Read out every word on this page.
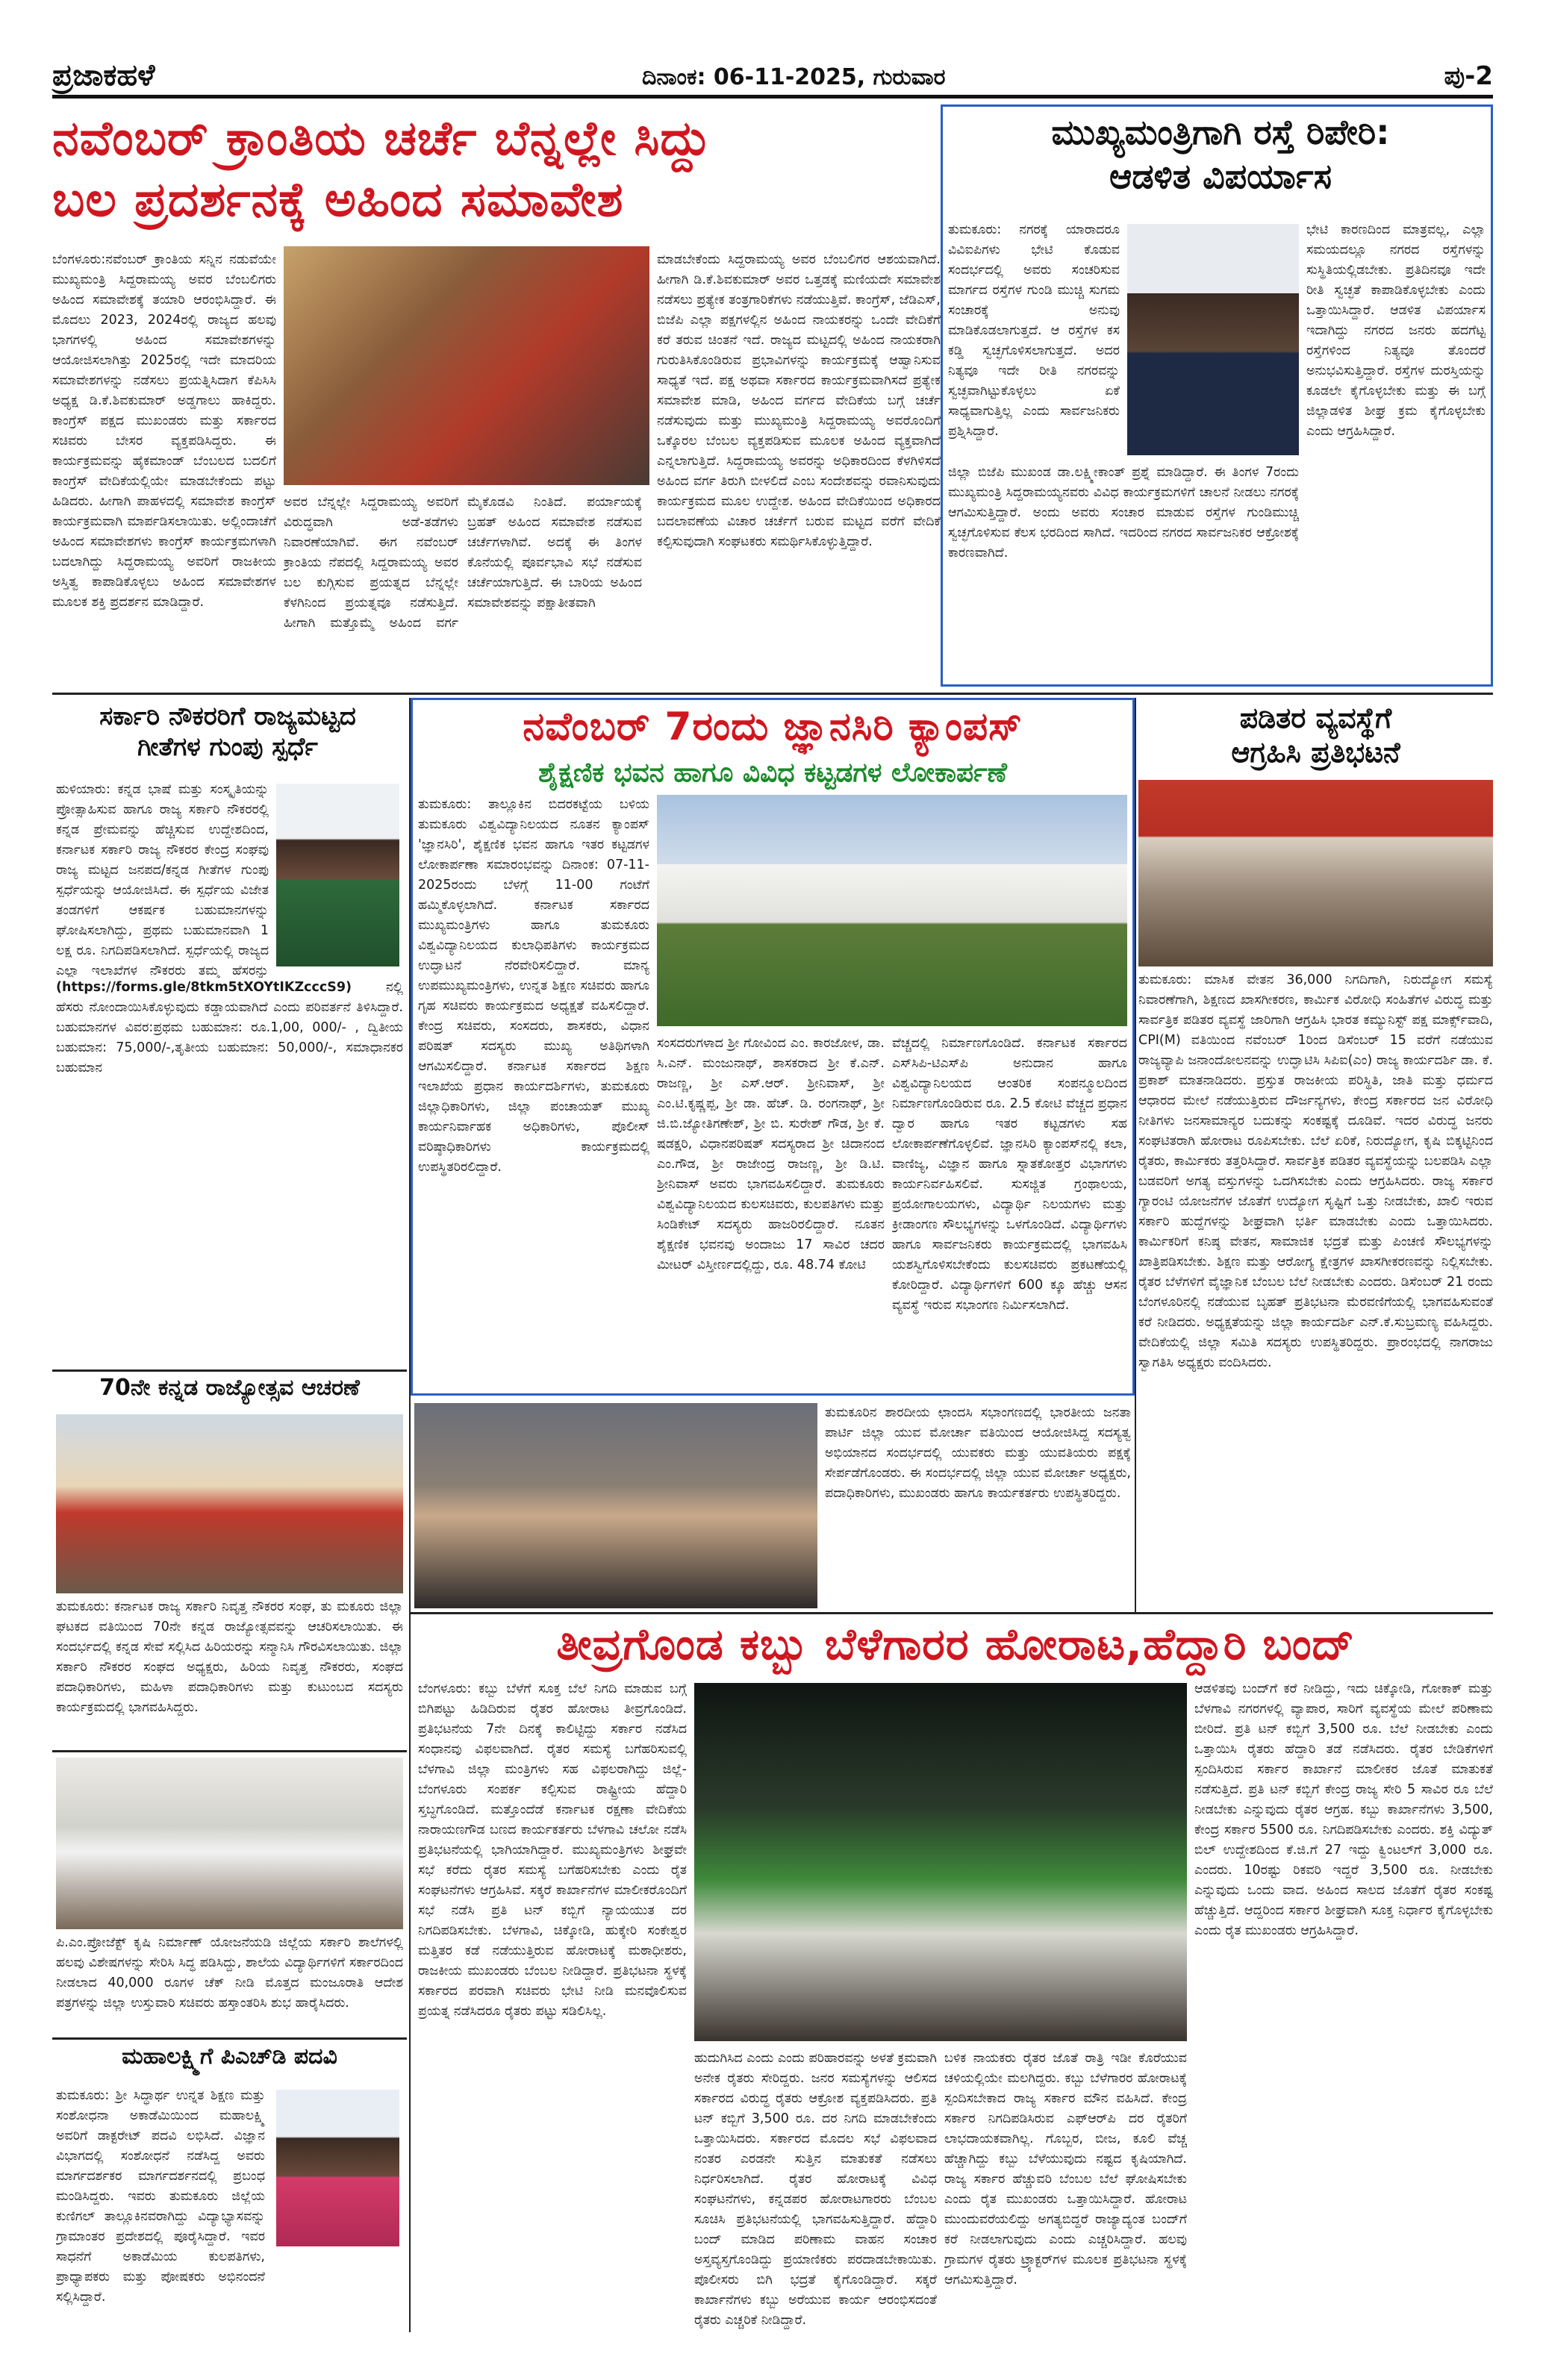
ಪ್ರಜಾಕಹಳೆ	ದಿನಾಂಕ: 06-11-2025, ಗುರುವಾರ	ಪು-2
ನವೆಂಬರ್ ಕ್ರಾಂತಿಯ ಚರ್ಚೆ ಬೆನ್ನಲ್ಲೇ ಸಿದ್ದು
ಬಲ ಪ್ರದರ್ಶನಕ್ಕೆ ಅಹಿಂದ ಸಮಾವೇಶ
ಬೆಂಗಳೂರು:ನವೆಂಬರ್ ಕ್ರಾಂತಿಯ ಸನ್ನಿನ ನಡುವೆಯೇ ಮುಖ್ಯಮಂತ್ರಿ ಸಿದ್ದರಾಮಯ್ಯ ಅವರ ಬೆಂಬಲಿಗರು ಅಹಿಂದ ಸಮಾವೇಶಕ್ಕೆ ತಯಾರಿ ಆರಂಭಿಸಿದ್ದಾರೆ. ಈ ಮೊದಲು 2023, 2024ರಲ್ಲಿ ರಾಜ್ಯದ ಹಲವು ಭಾಗಗಳಲ್ಲಿ ಅಹಿಂದ ಸಮಾವೇಶಗಳನ್ನು ಆಯೋಜಿಸಲಾಗಿತ್ತು 2025ರಲ್ಲಿ ಇದೇ ಮಾದರಿಯ ಸಮಾವೇಶಗಳನ್ನು ನಡೆಸಲು ಪ್ರಯತ್ನಿಸಿದಾಗ ಕೆಪಿಸಿಸಿ ಅಧ್ಯಕ್ಷ ಡಿ.ಕೆ.ಶಿವಕುಮಾರ್ ಅಡ್ಡಗಾಲು ಹಾಕಿದ್ದರು. ಕಾಂಗ್ರೆಸ್ ಪಕ್ಷದ ಮುಖಂಡರು ಮತ್ತು ಸರ್ಕಾರದ ಸಚಿವರು ಬೇಸರ ವ್ಯಕ್ತಪಡಿಸಿದ್ದರು. ಈ ಕಾರ್ಯಕ್ರಮವನ್ನು ಹೈಕಮಾಂಡ್ ಬೆಂಬಲದ ಬದಲಿಗೆ ಕಾಂಗ್ರೆಸ್ ವೇದಿಕೆಯಲ್ಲಿಯೇ ಮಾಡಬೇಕೆಂದು ಪಟ್ಟು ಹಿಡಿದರು. ಹೀಗಾಗಿ ಪಾಹಳದಲ್ಲಿ ಸಮಾವೇಶ ಕಾಂಗ್ರೆಸ್ ಕಾರ್ಯಕ್ರಮವಾಗಿ ಮಾರ್ಪಡಿಸಲಾಯಿತು. ಅಲ್ಲಿಂದಾಚೆಗೆ ಅಹಿಂದ ಸಮಾವೇಶಗಳು ಕಾಂಗ್ರೆಸ್ ಕಾರ್ಯಕ್ರಮಗಳಾಗಿ ಬದಲಾಗಿದ್ದು ಸಿದ್ದರಾಮಯ್ಯ ಅವರಿಗೆ ರಾಜಕೀಯ ಅಸ್ತಿತ್ವ ಕಾಪಾಡಿಕೊಳ್ಳಲು ಅಹಿಂದ ಸಮಾವೇಶಗಳ ಮೂಲಕ ಶಕ್ತಿ ಪ್ರದರ್ಶನ ಮಾಡಿದ್ದಾರೆ.
ಅವರ ಬೆನ್ನಲ್ಲೇ ಸಿದ್ದರಾಮಯ್ಯ ಅವರಿಗೆ ವಿರುದ್ಧವಾಗಿ ಅಡೆ-ತಡೆಗಳು ನಿವಾರಣೆಯಾಗಿವೆ. ಈಗ ನವೆಂಬರ್ ಕ್ರಾಂತಿಯ ನೆಪದಲ್ಲಿ ಸಿದ್ದರಾಮಯ್ಯ ಅವರ ಬಲ ಕುಗ್ಗಿಸುವ ಪ್ರಯತ್ನದ ಬೆನ್ನಲ್ಲೇ ಕೆಳಗಿನಿಂದ ಪ್ರಯತ್ನವೂ ನಡೆಸುತ್ತಿದೆ. ಹೀಗಾಗಿ ಮತ್ತೊಮ್ಮೆ ಅಹಿಂದ ವರ್ಗ ಮೈಕೊಡವಿ ನಿಂತಿದೆ. ಪರ್ಯಾಯಕ್ಕೆ ಬ್ರಹತ್ ಅಹಿಂದ ಸಮಾವೇಶ ನಡೆಸುವ ಚರ್ಚೆಗಳಾಗಿವೆ. ಅದಕ್ಕೆ ಈ ತಿಂಗಳ ಕೊನೆಯಲ್ಲಿ ಪೂರ್ವಭಾವಿ ಸಭೆ ನಡೆಸುವ ಚರ್ಚೆಯಾಗುತ್ತಿದೆ. ಈ ಬಾರಿಯ ಅಹಿಂದ ಸಮಾವೇಶವನ್ನು ಪಕ್ಷಾತೀತವಾಗಿ
ಮಾಡಬೇಕೆಂದು ಸಿದ್ದರಾಮಯ್ಯ ಅವರ ಬೆಂಬಲಿಗರ ಆಶಯವಾಗಿದೆ. ಹೀಗಾಗಿ ಡಿ.ಕೆ.ಶಿವಕುಮಾರ್ ಅವರ ಒತ್ತಡಕ್ಕೆ ಮಣಿಯದೇ ಸಮಾವೇಶ ನಡೆಸಲು ಪ್ರತ್ಯೇಕ ತಂತ್ರಗಾರಿಕೆಗಳು ನಡೆಯುತ್ತಿವೆ. ಕಾಂಗ್ರೆಸ್, ಜೆಡಿಎಸ್, ಬಿಜೆಪಿ ಎಲ್ಲಾ ಪಕ್ಷಗಳಲ್ಲಿನ ಅಹಿಂದ ನಾಯಕರನ್ನು ಒಂದೇ ವೇದಿಕೆಗೆ ಕರೆ ತರುವ ಚಿಂತನೆ ಇದೆ. ರಾಜ್ಯದ ಮಟ್ಟದಲ್ಲಿ ಅಹಿಂದ ನಾಯಕರಾಗಿ ಗುರುತಿಸಿಕೊಂಡಿರುವ ಪ್ರಭಾವಿಗಳನ್ನು ಕಾರ್ಯಕ್ರಮಕ್ಕೆ ಆಹ್ವಾನಿಸುವ ಸಾಧ್ಯತೆ ಇದೆ. ಪಕ್ಷ ಅಥವಾ ಸರ್ಕಾರದ ಕಾರ್ಯಕ್ರಮವಾಗಿಸದೆ ಪ್ರತ್ಯೇಕ ಸಮಾವೇಶ ಮಾಡಿ, ಅಹಿಂದ ವರ್ಗದ ವೇದಿಕೆಯ ಬಗ್ಗೆ ಚರ್ಚೆ ನಡೆಸುವುದು ಮತ್ತು ಮುಖ್ಯಮಂತ್ರಿ ಸಿದ್ದರಾಮಯ್ಯ ಅವರೊಂದಿಗೆ ಒಕ್ಕೊರಲ ಬೆಂಬಲ ವ್ಯಕ್ತಪಡಿಸುವ ಮೂಲಕ ಅಹಿಂದ ವ್ಯಕ್ತವಾಗಿದೆ ಎನ್ನಲಾಗುತ್ತಿದೆ. ಸಿದ್ದರಾಮಯ್ಯ ಅವರನ್ನು ಅಧಿಕಾರದಿಂದ ಕೆಳಗಿಳಿಸದೆ ಅಹಿಂದ ವರ್ಗ ತಿರುಗಿ ಬೀಳಲಿದೆ ಎಂಬ ಸಂದೇಶವನ್ನು ರವಾನಿಸುವುದು ಕಾರ್ಯಕ್ರಮದ ಮೂಲ ಉದ್ದೇಶ. ಅಹಿಂದ ವೇದಿಕೆಯಿಂದ ಅಧಿಕಾರದ ಬದಲಾವಣೆಯ ವಿಚಾರ ಚರ್ಚೆಗೆ ಬರುವ ಮಟ್ಟದ ವರೆಗೆ ವೇದಿಕೆ ಕಲ್ಪಿಸುವುದಾಗಿ ಸಂಘಟಕರು ಸಮರ್ಥಿಸಿಕೊಳ್ಳುತ್ತಿದ್ದಾರೆ.
ಮುಖ್ಯಮಂತ್ರಿಗಾಗಿ ರಸ್ತೆ ರಿಪೇರಿ:
ಆಡಳಿತ ವಿಪರ್ಯಾಸ
ತುಮಕೂರು: ನಗರಕ್ಕೆ ಯಾರಾದರೂ ವಿವಿಐಪಿಗಳು ಭೇಟಿ ಕೊಡುವ ಸಂದರ್ಭದಲ್ಲಿ ಅವರು ಸಂಚರಿಸುವ ಮಾರ್ಗದ ರಸ್ತೆಗಳ ಗುಂಡಿ ಮುಚ್ಚಿ ಸುಗಮ ಸಂಚಾರಕ್ಕೆ ಅನುವು ಮಾಡಿಕೊಡಲಾಗುತ್ತದೆ. ಆ ರಸ್ತೆಗಳ ಕಸ ಕಡ್ಡಿ ಸ್ವಚ್ಛಗೊಳಿಸಲಾಗುತ್ತದೆ. ಅದರ ನಿತ್ಯವೂ ಇದೇ ರೀತಿ ನಗರವನ್ನು ಸ್ವಚ್ಛವಾಗಿಟ್ಟುಕೊಳ್ಳಲು ಏಕೆ ಸಾಧ್ಯವಾಗುತ್ತಿಲ್ಲ ಎಂದು ಸಾರ್ವಜನಿಕರು ಪ್ರಶ್ನಿಸಿದ್ದಾರೆ.
ಜಿಲ್ಲಾ ಬಿಜೆಪಿ ಮುಖಂಡ ಡಾ.ಲಕ್ಷ್ಮೀಕಾಂತ್ ಪ್ರಶ್ನೆ ಮಾಡಿದ್ದಾರೆ. ಈ ತಿಂಗಳ 7ರಂದು ಮುಖ್ಯಮಂತ್ರಿ ಸಿದ್ದರಾಮಯ್ಯನವರು ವಿವಿಧ ಕಾರ್ಯಕ್ರಮಗಳಿಗೆ ಚಾಲನೆ ನೀಡಲು ನಗರಕ್ಕೆ ಆಗಮಿಸುತ್ತಿದ್ದಾರೆ. ಅಂದು ಅವರು ಸಂಚಾರ ಮಾಡುವ ರಸ್ತೆಗಳ ಗುಂಡಿಮುಚ್ಚಿ ಸ್ವಚ್ಛಗೊಳಿಸುವ ಕೆಲಸ ಭರದಿಂದ ಸಾಗಿದೆ. ಇದರಿಂದ ನಗರದ ಸಾರ್ವಜನಿಕರ ಆಕ್ರೋಶಕ್ಕೆ ಕಾರಣವಾಗಿದೆ.
ಭೇಟಿ ಕಾರಣದಿಂದ ಮಾತ್ರವಲ್ಲ, ಎಲ್ಲಾ ಸಮಯದಲ್ಲೂ ನಗರದ ರಸ್ತೆಗಳನ್ನು ಸುಸ್ಥಿತಿಯಲ್ಲಿಡಬೇಕು. ಪ್ರತಿದಿನವೂ ಇದೇ ರೀತಿ ಸ್ವಚ್ಛತೆ ಕಾಪಾಡಿಕೊಳ್ಳಬೇಕು ಎಂದು ಒತ್ತಾಯಿಸಿದ್ದಾರೆ. ಆಡಳಿತ ವಿಪರ್ಯಾಸ ಇದಾಗಿದ್ದು ನಗರದ ಜನರು ಹದಗೆಟ್ಟ ರಸ್ತೆಗಳಿಂದ ನಿತ್ಯವೂ ತೊಂದರೆ ಅನುಭವಿಸುತ್ತಿದ್ದಾರೆ. ರಸ್ತೆಗಳ ದುರಸ್ತಿಯನ್ನು ಕೂಡಲೇ ಕೈಗೊಳ್ಳಬೇಕು ಮತ್ತು ಈ ಬಗ್ಗೆ ಜಿಲ್ಲಾಡಳಿತ ಶೀಘ್ರ ಕ್ರಮ ಕೈಗೊಳ್ಳಬೇಕು ಎಂದು ಆಗ್ರಹಿಸಿದ್ದಾರೆ.
ಸರ್ಕಾರಿ ನೌಕರರಿಗೆ ರಾಜ್ಯಮಟ್ಟದ
ಗೀತೆಗಳ ಗುಂಪು ಸ್ಪರ್ಧೆ
ಹುಳಿಯಾರು: ಕನ್ನಡ ಭಾಷೆ ಮತ್ತು ಸಂಸ್ಕೃತಿಯನ್ನು ಪ್ರೋತ್ಸಾಹಿಸುವ ಹಾಗೂ ರಾಜ್ಯ ಸರ್ಕಾರಿ ನೌಕರರಲ್ಲಿ ಕನ್ನಡ ಪ್ರೇಮವನ್ನು ಹೆಚ್ಚಿಸುವ ಉದ್ದೇಶದಿಂದ, ಕರ್ನಾಟಕ ಸರ್ಕಾರಿ ರಾಜ್ಯ ನೌಕರರ ಕೇಂದ್ರ ಸಂಘವು ರಾಜ್ಯ ಮಟ್ಟದ ಜನಪದ/ಕನ್ನಡ ಗೀತೆಗಳ ಗುಂಪು ಸ್ಪರ್ಧೆಯನ್ನು ಆಯೋಜಿಸಿದೆ. ಈ ಸ್ಪರ್ಧೆಯ ವಿಜೇತ ತಂಡಗಳಿಗೆ ಆಕರ್ಷಕ ಬಹುಮಾನಗಳನ್ನು ಘೋಷಿಸಲಾಗಿದ್ದು, ಪ್ರಥಮ ಬಹುಮಾನವಾಗಿ 1 ಲಕ್ಷ ರೂ. ನಿಗದಿಪಡಿಸಲಾಗಿದೆ. ಸ್ಪರ್ಧೆಯಲ್ಲಿ ರಾಜ್ಯದ ಎಲ್ಲಾ ಇಲಾಖೆಗಳ ನೌಕರರು ತಮ್ಮ ಹೆಸರನ್ನು
(https://forms.gle/8tkm5tXOYtIKZcccS9)	ನಲ್ಲಿ ಹೆಸರು ನೋಂದಾಯಿಸಿಕೊಳ್ಳುವುದು ಕಡ್ಡಾಯವಾಗಿದೆ ಎಂದು ಪರಿವರ್ತನೆ ತಿಳಿಸಿದ್ದಾರೆ. ಬಹುಮಾನಗಳ ವಿವರ:ಪ್ರಥಮ ಬಹುಮಾನ: ರೂ.1,00, 000/- , ದ್ವಿತೀಯ ಬಹುಮಾನ: 75,000/-,ತೃತೀಯ ಬಹುಮಾನ: 50,000/-, ಸಮಾಧಾನಕರ ಬಹುಮಾನ
70ನೇ ಕನ್ನಡ ರಾಜ್ಯೋತ್ಸವ ಆಚರಣೆ
ತುಮಕೂರು: ಕರ್ನಾಟಕ ರಾಜ್ಯ ಸರ್ಕಾರಿ ನಿವೃತ್ತ ನೌಕರರ ಸಂಘ, ತು ಮಕೂರು ಜಿಲ್ಲಾ ಘಟಕದ ವತಿಯಿಂದ 70ನೇ ಕನ್ನಡ ರಾಜ್ಯೋತ್ಸವವನ್ನು ಆಚರಿಸಲಾಯಿತು. ಈ ಸಂದರ್ಭದಲ್ಲಿ ಕನ್ನಡ ಸೇವೆ ಸಲ್ಲಿಸಿದ ಹಿರಿಯರನ್ನು ಸನ್ಮಾನಿಸಿ ಗೌರವಿಸಲಾಯಿತು. ಜಿಲ್ಲಾ ಸರ್ಕಾರಿ ನೌಕರರ ಸಂಘದ ಅಧ್ಯಕ್ಷರು, ಹಿರಿಯ ನಿವೃತ್ತ ನೌಕರರು, ಸಂಘದ ಪದಾಧಿಕಾರಿಗಳು, ಮಹಿಳಾ ಪದಾಧಿಕಾರಿಗಳು ಮತ್ತು ಕುಟುಂಬದ ಸದಸ್ಯರು ಕಾರ್ಯಕ್ರಮದಲ್ಲಿ ಭಾಗವಹಿಸಿದ್ದರು.
ಪಿ.ಎಂ.ಪ್ರೋಜೆಕ್ಟ್ ಕೃಷಿ ನಿರ್ಮಾಣ್ ಯೋಜನೆಯಡಿ ಜಿಲ್ಲೆಯ ಸರ್ಕಾರಿ ಶಾಲೆಗಳಲ್ಲಿ ಹಲವು ವಿಶೇಷಗಳನ್ನು ಸೇರಿಸಿ ಸಿದ್ಧ ಪಡಿಸಿದ್ದು, ಶಾಲೆಯ ವಿದ್ಯಾರ್ಥಿಗಳಿಗೆ ಸರ್ಕಾರದಿಂದ ನೀಡಲಾದ 40,000 ರೂಗಳ ಚೆಕ್ ನೀಡಿ ಮೊತ್ತದ ಮಂಜೂರಾತಿ ಆದೇಶ ಪತ್ರಗಳನ್ನು ಜಿಲ್ಲಾ ಉಸ್ತುವಾರಿ ಸಚಿವರು ಹಸ್ತಾಂತರಿಸಿ ಶುಭ ಹಾರೈಸಿದರು.
ಮಹಾಲಕ್ಷ್ಮಿಗೆ ಪಿಎಚ್‌ಡಿ ಪದವಿ
ತುಮಕೂರು: ಶ್ರೀ ಸಿದ್ಧಾರ್ಥ ಉನ್ನತ ಶಿಕ್ಷಣ ಮತ್ತು ಸಂಶೋಧನಾ ಅಕಾಡೆಮಿಯಿಂದ ಮಹಾಲಕ್ಷ್ಮಿ ಅವರಿಗೆ ಡಾಕ್ಟರೇಟ್ ಪದವಿ ಲಭಿಸಿದೆ. ವಿಜ್ಞಾನ ವಿಭಾಗದಲ್ಲಿ ಸಂಶೋಧನೆ ನಡೆಸಿದ್ದ ಅವರು ಮಾರ್ಗದರ್ಶಕರ ಮಾರ್ಗದರ್ಶನದಲ್ಲಿ ಪ್ರಬಂಧ ಮಂಡಿಸಿದ್ದರು. ಇವರು ತುಮಕೂರು ಜಿಲ್ಲೆಯ ಕುಣಿಗಲ್ ತಾಲ್ಲೂಕಿನವರಾಗಿದ್ದು ವಿದ್ಯಾಭ್ಯಾಸವನ್ನು ಗ್ರಾಮಾಂತರ ಪ್ರದೇಶದಲ್ಲಿ ಪೂರೈಸಿದ್ದಾರೆ. ಇವರ ಸಾಧನೆಗೆ ಅಕಾಡೆಮಿಯ ಕುಲಪತಿಗಳು, ಪ್ರಾಧ್ಯಾಪಕರು ಮತ್ತು ಪೋಷಕರು ಅಭಿನಂದನೆ ಸಲ್ಲಿಸಿದ್ದಾರೆ.
ನವೆಂಬರ್ 7ರಂದು ಜ್ಞಾನಸಿರಿ ಕ್ಯಾಂಪಸ್
ಶೈಕ್ಷಣಿಕ ಭವನ ಹಾಗೂ ವಿವಿಧ ಕಟ್ಟಡಗಳ ಲೋಕಾರ್ಪಣೆ
ತುಮಕೂರು: ತಾಲ್ಲೂಕಿನ ಬಿದರಕಟ್ಟೆಯ ಬಳಿಯ ತುಮಕೂರು ವಿಶ್ವವಿದ್ಯಾನಿಲಯದ ನೂತನ ಕ್ಯಾಂಪಸ್ 'ಜ್ಞಾನಸಿರಿ', ಶೈಕ್ಷಣಿಕ ಭವನ ಹಾಗೂ ಇತರ ಕಟ್ಟಡಗಳ ಲೋಕಾರ್ಪಣಾ ಸಮಾರಂಭವನ್ನು ದಿನಾಂಕ: 07-11-2025ರಂದು ಬೆಳಗ್ಗೆ 11-00 ಗಂಟೆಗೆ ಹಮ್ಮಿಕೊಳ್ಳಲಾಗಿದೆ. ಕರ್ನಾಟಕ ಸರ್ಕಾರದ ಮುಖ್ಯಮಂತ್ರಿಗಳು ಹಾಗೂ ತುಮಕೂರು ವಿಶ್ವವಿದ್ಯಾನಿಲಯದ ಕುಲಾಧಿಪತಿಗಳು ಕಾರ್ಯಕ್ರಮದ ಉದ್ಘಾಟನೆ ನೆರವೇರಿಸಲಿದ್ದಾರೆ. ಮಾನ್ಯ ಉಪಮುಖ್ಯಮಂತ್ರಿಗಳು, ಉನ್ನತ ಶಿಕ್ಷಣ ಸಚಿವರು ಹಾಗೂ ಗೃಹ ಸಚಿವರು ಕಾರ್ಯಕ್ರಮದ ಅಧ್ಯಕ್ಷತೆ ವಹಿಸಲಿದ್ದಾರೆ. ಕೇಂದ್ರ ಸಚಿವರು, ಸಂಸದರು, ಶಾಸಕರು, ವಿಧಾನ ಪರಿಷತ್ ಸದಸ್ಯರು ಮುಖ್ಯ ಅತಿಥಿಗಳಾಗಿ ಆಗಮಿಸಲಿದ್ದಾರೆ. ಕರ್ನಾಟಕ ಸರ್ಕಾರದ ಶಿಕ್ಷಣ ಇಲಾಖೆಯ ಪ್ರಧಾನ ಕಾರ್ಯದರ್ಶಿಗಳು, ತುಮಕೂರು ಜಿಲ್ಲಾಧಿಕಾರಿಗಳು, ಜಿಲ್ಲಾ ಪಂಚಾಯತ್ ಮುಖ್ಯ ಕಾರ್ಯನಿರ್ವಾಹಕ ಅಧಿಕಾರಿಗಳು, ಪೊಲೀಸ್ ವರಿಷ್ಠಾಧಿಕಾರಿಗಳು ಕಾರ್ಯಕ್ರಮದಲ್ಲಿ ಉಪಸ್ಥಿತರಿರಲಿದ್ದಾರೆ.
ಸಂಸದರುಗಳಾದ ಶ್ರೀ ಗೋವಿಂದ ಎಂ. ಕಾರಜೋಳ, ಡಾ. ಸಿ.ಎನ್. ಮಂಜುನಾಥ್, ಶಾಸಕರಾದ ಶ್ರೀ ಕೆ.ಎನ್. ರಾಜಣ್ಣ, ಶ್ರೀ ಎಸ್.ಆರ್. ಶ್ರೀನಿವಾಸ್, ಶ್ರೀ ಎಂ.ಟಿ.ಕೃಷ್ಣಪ್ಪ, ಶ್ರೀ ಡಾ. ಹೆಚ್. ಡಿ. ರಂಗನಾಥ್, ಶ್ರೀ ಜಿ.ಬಿ.ಜ್ಯೋತಿಗಣೇಶ್, ಶ್ರೀ ಬಿ. ಸುರೇಶ್ ಗೌಡ, ಶ್ರೀ ಕೆ. ಷಡಕ್ಷರಿ, ವಿಧಾನಪರಿಷತ್ ಸದಸ್ಯರಾದ ಶ್ರೀ ಚಿದಾನಂದ ಎಂ.ಗೌಡ, ಶ್ರೀ ರಾಜೇಂದ್ರ ರಾಜಣ್ಣ, ಶ್ರೀ ಡಿ.ಟಿ. ಶ್ರೀನಿವಾಸ್ ಅವರು ಭಾಗವಹಿಸಲಿದ್ದಾರೆ. ತುಮಕೂರು ವಿಶ್ವವಿದ್ಯಾನಿಲಯದ ಕುಲಸಚಿವರು, ಕುಲಪತಿಗಳು ಮತ್ತು ಸಿಂಡಿಕೇಟ್ ಸದಸ್ಯರು ಹಾಜರಿರಲಿದ್ದಾರೆ. ನೂತನ ಶೈಕ್ಷಣಿಕ ಭವನವು ಅಂದಾಜು 17 ಸಾವಿರ ಚದರ ಮೀಟರ್ ವಿಸ್ತೀರ್ಣದಲ್ಲಿದ್ದು, ರೂ. 48.74 ಕೋಟಿ
ವೆಚ್ಚದಲ್ಲಿ ನಿರ್ಮಾಣಗೊಂಡಿದೆ. ಕರ್ನಾಟಕ ಸರ್ಕಾರದ ಎಸ್‌ಸಿಪಿ-ಟಿಎಸ್‌ಪಿ ಅನುದಾನ ಹಾಗೂ ವಿಶ್ವವಿದ್ಯಾನಿಲಯದ ಆಂತರಿಕ ಸಂಪನ್ಮೂಲದಿಂದ ನಿರ್ಮಾಣಗೊಂಡಿರುವ ರೂ. 2.5 ಕೋಟಿ ವೆಚ್ಚದ ಪ್ರಧಾನ ದ್ವಾರ ಹಾಗೂ ಇತರ ಕಟ್ಟಡಗಳು ಸಹ ಲೋಕಾರ್ಪಣೆಗೊಳ್ಳಲಿವೆ. ಜ್ಞಾನಸಿರಿ ಕ್ಯಾಂಪಸ್‌ನಲ್ಲಿ ಕಲಾ, ವಾಣಿಜ್ಯ, ವಿಜ್ಞಾನ ಹಾಗೂ ಸ್ನಾತಕೋತ್ತರ ವಿಭಾಗಗಳು ಕಾರ್ಯನಿರ್ವಹಿಸಲಿವೆ. ಸುಸಜ್ಜಿತ ಗ್ರಂಥಾಲಯ, ಪ್ರಯೋಗಾಲಯಗಳು, ವಿದ್ಯಾರ್ಥಿ ನಿಲಯಗಳು ಮತ್ತು ಕ್ರೀಡಾಂಗಣ ಸೌಲಭ್ಯಗಳನ್ನು ಒಳಗೊಂಡಿದೆ. ವಿದ್ಯಾರ್ಥಿಗಳು ಹಾಗೂ ಸಾರ್ವಜನಿಕರು ಕಾರ್ಯಕ್ರಮದಲ್ಲಿ ಭಾಗವಹಿಸಿ ಯಶಸ್ವಿಗೊಳಿಸಬೇಕೆಂದು ಕುಲಸಚಿವರು ಪ್ರಕಟಣೆಯಲ್ಲಿ ಕೋರಿದ್ದಾರೆ. ವಿದ್ಯಾರ್ಥಿಗಳಿಗೆ 600 ಕ್ಕೂ ಹೆಚ್ಚು ಆಸನ ವ್ಯವಸ್ಥೆ ಇರುವ ಸಭಾಂಗಣ ನಿರ್ಮಿಸಲಾಗಿದೆ.
ತುಮಕೂರಿನ ಶಾರದೀಯ ಛಾಂದಸಿ ಸಭಾಂಗಣದಲ್ಲಿ ಭಾರತೀಯ ಜನತಾ ಪಾರ್ಟಿ ಜಿಲ್ಲಾ ಯುವ ಮೋರ್ಚಾ ವತಿಯಿಂದ ಆಯೋಜಿಸಿದ್ದ ಸದಸ್ಯತ್ವ ಅಭಿಯಾನದ ಸಂದರ್ಭದಲ್ಲಿ ಯುವಕರು ಮತ್ತು ಯುವತಿಯರು ಪಕ್ಷಕ್ಕೆ ಸೇರ್ಪಡೆಗೊಂಡರು. ಈ ಸಂದರ್ಭದಲ್ಲಿ ಜಿಲ್ಲಾ ಯುವ ಮೋರ್ಚಾ ಅಧ್ಯಕ್ಷರು, ಪದಾಧಿಕಾರಿಗಳು, ಮುಖಂಡರು ಹಾಗೂ ಕಾರ್ಯಕರ್ತರು ಉಪಸ್ಥಿತರಿದ್ದರು.
ಪಡಿತರ ವ್ಯವಸ್ಥೆಗೆ
ಆಗ್ರಹಿಸಿ ಪ್ರತಿಭಟನೆ
ತುಮಕೂರು: ಮಾಸಿಕ ವೇತನ 36,000 ನಿಗದಿಗಾಗಿ, ನಿರುದ್ಯೋಗ ಸಮಸ್ಯೆ ನಿವಾರಣೆಗಾಗಿ, ಶಿಕ್ಷಣದ ಖಾಸಗೀಕರಣ, ಕಾರ್ಮಿಕ ವಿರೋಧಿ ಸಂಹಿತೆಗಳ ವಿರುದ್ಧ ಮತ್ತು ಸಾರ್ವತ್ರಿಕ ಪಡಿತರ ವ್ಯವಸ್ಥೆ ಜಾರಿಗಾಗಿ ಆಗ್ರಹಿಸಿ ಭಾರತ ಕಮ್ಯುನಿಸ್ಟ್ ಪಕ್ಷ ಮಾರ್ಕ್ಸ್‌ವಾದಿ, CPI(M) ವತಿಯಿಂದ ನವೆಂಬರ್ 1ರಿಂದ ಡಿಸೆಂಬರ್ 15 ವರೆಗೆ ನಡೆಯುವ ರಾಜ್ಯವ್ಯಾಪಿ ಜನಾಂದೋಲನವನ್ನು ಉದ್ಘಾಟಿಸಿ ಸಿಪಿಐ(ಎಂ) ರಾಜ್ಯ ಕಾರ್ಯದರ್ಶಿ ಡಾ. ಕೆ. ಪ್ರಕಾಶ್ ಮಾತನಾಡಿದರು. ಪ್ರಸ್ತುತ ರಾಜಕೀಯ ಪರಿಸ್ಥಿತಿ, ಜಾತಿ ಮತ್ತು ಧರ್ಮದ ಆಧಾರದ ಮೇಲೆ ನಡೆಯುತ್ತಿರುವ ದೌರ್ಜನ್ಯಗಳು, ಕೇಂದ್ರ ಸರ್ಕಾರದ ಜನ ವಿರೋಧಿ ನೀತಿಗಳು ಜನಸಾಮಾನ್ಯರ ಬದುಕನ್ನು ಸಂಕಷ್ಟಕ್ಕೆ ದೂಡಿವೆ. ಇದರ ವಿರುದ್ಧ ಜನರು ಸಂಘಟಿತರಾಗಿ ಹೋರಾಟ ರೂಪಿಸಬೇಕು. ಬೆಲೆ ಏರಿಕೆ, ನಿರುದ್ಯೋಗ, ಕೃಷಿ ಬಿಕ್ಕಟ್ಟಿನಿಂದ ರೈತರು, ಕಾರ್ಮಿಕರು ತತ್ತರಿಸಿದ್ದಾರೆ. ಸಾರ್ವತ್ರಿಕ ಪಡಿತರ ವ್ಯವಸ್ಥೆಯನ್ನು ಬಲಪಡಿಸಿ ಎಲ್ಲಾ ಬಡವರಿಗೆ ಅಗತ್ಯ ವಸ್ತುಗಳನ್ನು ಒದಗಿಸಬೇಕು ಎಂದು ಆಗ್ರಹಿಸಿದರು. ರಾಜ್ಯ ಸರ್ಕಾರ ಗ್ಯಾರಂಟಿ ಯೋಜನೆಗಳ ಜೊತೆಗೆ ಉದ್ಯೋಗ ಸೃಷ್ಟಿಗೆ ಒತ್ತು ನೀಡಬೇಕು, ಖಾಲಿ ಇರುವ ಸರ್ಕಾರಿ ಹುದ್ದೆಗಳನ್ನು ಶೀಘ್ರವಾಗಿ ಭರ್ತಿ ಮಾಡಬೇಕು ಎಂದು ಒತ್ತಾಯಿಸಿದರು. ಕಾರ್ಮಿಕರಿಗೆ ಕನಿಷ್ಠ ವೇತನ, ಸಾಮಾಜಿಕ ಭದ್ರತೆ ಮತ್ತು ಪಿಂಚಣಿ ಸೌಲಭ್ಯಗಳನ್ನು ಖಾತ್ರಿಪಡಿಸಬೇಕು. ಶಿಕ್ಷಣ ಮತ್ತು ಆರೋಗ್ಯ ಕ್ಷೇತ್ರಗಳ ಖಾಸಗೀಕರಣವನ್ನು ನಿಲ್ಲಿಸಬೇಕು. ರೈತರ ಬೆಳೆಗಳಿಗೆ ವೈಜ್ಞಾನಿಕ ಬೆಂಬಲ ಬೆಲೆ ನೀಡಬೇಕು ಎಂದರು. ಡಿಸೆಂಬರ್ 21 ರಂದು ಬೆಂಗಳೂರಿನಲ್ಲಿ ನಡೆಯುವ ಬೃಹತ್ ಪ್ರತಿಭಟನಾ ಮೆರವಣಿಗೆಯಲ್ಲಿ ಭಾಗವಹಿಸುವಂತೆ ಕರೆ ನೀಡಿದರು. ಅಧ್ಯಕ್ಷತೆಯನ್ನು ಜಿಲ್ಲಾ ಕಾರ್ಯದರ್ಶಿ ಎನ್.ಕೆ.ಸುಬ್ರಮಣ್ಯ ವಹಿಸಿದ್ದರು. ವೇದಿಕೆಯಲ್ಲಿ ಜಿಲ್ಲಾ ಸಮಿತಿ ಸದಸ್ಯರು ಉಪಸ್ಥಿತರಿದ್ದರು. ಪ್ರಾರಂಭದಲ್ಲಿ ನಾಗರಾಜು ಸ್ವಾಗತಿಸಿ ಅಧ್ಯಕ್ಷರು ವಂದಿಸಿದರು.
ತೀವ್ರಗೊಂಡ ಕಬ್ಬು ಬೆಳೆಗಾರರ ಹೋರಾಟ,ಹೆದ್ದಾರಿ ಬಂದ್
ಬೆಂಗಳೂರು: ಕಬ್ಬು ಬೆಳೆಗೆ ಸೂಕ್ತ ಬೆಲೆ ನಿಗದಿ ಮಾಡುವ ಬಗ್ಗೆ ಬಿಗಿಪಟ್ಟು ಹಿಡಿದಿರುವ ರೈತರ ಹೋರಾಟ ತೀವ್ರಗೊಂಡಿದೆ. ಪ್ರತಿಭಟನೆಯ 7ನೇ ದಿನಕ್ಕೆ ಕಾಲಿಟ್ಟಿದ್ದು ಸರ್ಕಾರ ನಡೆಸಿದ ಸಂಧಾನವು ವಿಫಲವಾಗಿದೆ. ರೈತರ ಸಮಸ್ಯೆ ಬಗೆಹರಿಸುವಲ್ಲಿ ಬೆಳಗಾವಿ ಜಿಲ್ಲಾ ಮಂತ್ರಿಗಳು ಸಹ ವಿಫಲರಾಗಿದ್ದು ಜಿಲ್ಲೆ-ಬೆಂಗಳೂರು ಸಂಪರ್ಕ ಕಲ್ಪಿಸುವ ರಾಷ್ಟ್ರೀಯ ಹೆದ್ದಾರಿ ಸ್ತಬ್ಧಗೊಂಡಿದೆ. ಮತ್ತೊಂದೆಡೆ ಕರ್ನಾಟಕ ರಕ್ಷಣಾ ವೇದಿಕೆಯ ನಾರಾಯಣಗೌಡ ಬಣದ ಕಾರ್ಯಕರ್ತರು ಬೆಳಗಾವಿ ಚಲೋ ನಡೆಸಿ ಪ್ರತಿಭಟನೆಯಲ್ಲಿ ಭಾಗಿಯಾಗಿದ್ದಾರೆ. ಮುಖ್ಯಮಂತ್ರಿಗಳು ಶೀಘ್ರವೇ ಸಭೆ ಕರೆದು ರೈತರ ಸಮಸ್ಯೆ ಬಗೆಹರಿಸಬೇಕು ಎಂದು ರೈತ ಸಂಘಟನೆಗಳು ಆಗ್ರಹಿಸಿವೆ. ಸಕ್ಕರೆ ಕಾರ್ಖಾನೆಗಳ ಮಾಲೀಕರೊಂದಿಗೆ ಸಭೆ ನಡೆಸಿ ಪ್ರತಿ ಟನ್ ಕಬ್ಬಿಗೆ ನ್ಯಾಯಯುತ ದರ ನಿಗದಿಪಡಿಸಬೇಕು. ಬೆಳಗಾವಿ, ಚಿಕ್ಕೋಡಿ, ಹುಕ್ಕೇರಿ ಸಂಕೇಶ್ವರ ಮತ್ತಿತರ ಕಡೆ ನಡೆಯುತ್ತಿರುವ ಹೋರಾಟಕ್ಕೆ ಮಠಾಧೀಶರು, ರಾಜಕೀಯ ಮುಖಂಡರು ಬೆಂಬಲ ನೀಡಿದ್ದಾರೆ. ಪ್ರತಿಭಟನಾ ಸ್ಥಳಕ್ಕೆ ಸರ್ಕಾರದ ಪರವಾಗಿ ಸಚಿವರು ಭೇಟಿ ನೀಡಿ ಮನವೊಲಿಸುವ ಪ್ರಯತ್ನ ನಡೆಸಿದರೂ ರೈತರು ಪಟ್ಟು ಸಡಿಲಿಸಿಲ್ಲ.
ಹುದುಗಿಸಿದ ಎಂದು ಎಂದು ಪರಿಹಾರವನ್ನು ಅಳತೆ ಕ್ರಮವಾಗಿ ಅನೇಕ ರೈತರು ಸೇರಿದ್ದರು. ಜನರ ಸಮಸ್ಯೆಗಳನ್ನು ಆಲಿಸದ ಸರ್ಕಾರದ ವಿರುದ್ಧ ರೈತರು ಆಕ್ರೋಶ ವ್ಯಕ್ತಪಡಿಸಿದರು. ಪ್ರತಿ ಟನ್ ಕಬ್ಬಿಗೆ 3,500 ರೂ. ದರ ನಿಗದಿ ಮಾಡಬೇಕೆಂದು ಒತ್ತಾಯಿಸಿದರು. ಸರ್ಕಾರದ ಮೊದಲ ಸಭೆ ವಿಫಲವಾದ ನಂತರ ಎರಡನೇ ಸುತ್ತಿನ ಮಾತುಕತೆ ನಡೆಸಲು ನಿರ್ಧರಿಸಲಾಗಿದೆ. ರೈತರ ಹೋರಾಟಕ್ಕೆ ವಿವಿಧ ಸಂಘಟನೆಗಳು, ಕನ್ನಡಪರ ಹೋರಾಟಗಾರರು ಬೆಂಬಲ ಸೂಚಿಸಿ ಪ್ರತಿಭಟನೆಯಲ್ಲಿ ಭಾಗವಹಿಸುತ್ತಿದ್ದಾರೆ. ಹೆದ್ದಾರಿ ಬಂದ್ ಮಾಡಿದ ಪರಿಣಾಮ ವಾಹನ ಸಂಚಾರ ಅಸ್ತವ್ಯಸ್ತಗೊಂಡಿದ್ದು ಪ್ರಯಾಣಿಕರು ಪರದಾಡಬೇಕಾಯಿತು. ಪೊಲೀಸರು ಬಿಗಿ ಭದ್ರತೆ ಕೈಗೊಂಡಿದ್ದಾರೆ. ಸಕ್ಕರೆ ಕಾರ್ಖಾನೆಗಳು ಕಬ್ಬು ಅರೆಯುವ ಕಾರ್ಯ ಆರಂಭಿಸದಂತೆ ರೈತರು ಎಚ್ಚರಿಕೆ ನೀಡಿದ್ದಾರೆ.
ಬಳಿಕ ನಾಯಕರು ರೈತರ ಜೊತೆ ರಾತ್ರಿ ಇಡೀ ಕೊರೆಯುವ ಚಳಿಯಲ್ಲಿಯೇ ಮಲಗಿದ್ದರು. ಕಬ್ಬು ಬೆಳೆಗಾರರ ಹೋರಾಟಕ್ಕೆ ಸ್ಪಂದಿಸಬೇಕಾದ ರಾಜ್ಯ ಸರ್ಕಾರ ಮೌನ ವಹಿಸಿದೆ. ಕೇಂದ್ರ ಸರ್ಕಾರ ನಿಗದಿಪಡಿಸಿರುವ ಎಫ್‌ಆರ್‌ಪಿ ದರ ರೈತರಿಗೆ ಲಾಭದಾಯಕವಾಗಿಲ್ಲ. ಗೊಬ್ಬರ, ಬೀಜ, ಕೂಲಿ ವೆಚ್ಚ ಹೆಚ್ಚಾಗಿದ್ದು ಕಬ್ಬು ಬೆಳೆಯುವುದು ನಷ್ಟದ ಕೃಷಿಯಾಗಿದೆ. ರಾಜ್ಯ ಸರ್ಕಾರ ಹೆಚ್ಚುವರಿ ಬೆಂಬಲ ಬೆಲೆ ಘೋಷಿಸಬೇಕು ಎಂದು ರೈತ ಮುಖಂಡರು ಒತ್ತಾಯಿಸಿದ್ದಾರೆ. ಹೋರಾಟ ಮುಂದುವರೆಯಲಿದ್ದು ಅಗತ್ಯಬಿದ್ದರೆ ರಾಜ್ಯಾದ್ಯಂತ ಬಂದ್‌ಗೆ ಕರೆ ನೀಡಲಾಗುವುದು ಎಂದು ಎಚ್ಚರಿಸಿದ್ದಾರೆ. ಹಲವು ಗ್ರಾಮಗಳ ರೈತರು ಟ್ರ್ಯಾಕ್ಟರ್‌ಗಳ ಮೂಲಕ ಪ್ರತಿಭಟನಾ ಸ್ಥಳಕ್ಕೆ ಆಗಮಿಸುತ್ತಿದ್ದಾರೆ.
ಆಡಳಿತವು ಬಂದ್‌ಗೆ ಕರೆ ನೀಡಿದ್ದು, ಇದು ಚಿಕ್ಕೋಡಿ, ಗೋಕಾಕ್ ಮತ್ತು ಬೆಳಗಾವಿ ನಗರಗಳಲ್ಲಿ ವ್ಯಾಪಾರ, ಸಾರಿಗೆ ವ್ಯವಸ್ಥೆಯ ಮೇಲೆ ಪರಿಣಾಮ ಬೀರಿದೆ. ಪ್ರತಿ ಟನ್ ಕಬ್ಬಿಗೆ 3,500 ರೂ. ಬೆಲೆ ನೀಡಬೇಕು ಎಂದು ಒತ್ತಾಯಿಸಿ ರೈತರು ಹೆದ್ದಾರಿ ತಡೆ ನಡೆಸಿದರು. ರೈತರ ಬೇಡಿಕೆಗಳಿಗೆ ಸ್ಪಂದಿಸಿರುವ ಸರ್ಕಾರ ಕಾರ್ಖಾನೆ ಮಾಲೀಕರ ಜೊತೆ ಮಾತುಕತೆ ನಡೆಸುತ್ತಿದೆ. ಪ್ರತಿ ಟನ್ ಕಬ್ಬಿಗೆ ಕೇಂದ್ರ ರಾಜ್ಯ ಸೇರಿ 5 ಸಾವಿರ ರೂ ಬೆಲೆ ನೀಡಬೇಕು ಎನ್ನುವುದು ರೈತರ ಆಗ್ರಹ. ಕಬ್ಬು ಕಾರ್ಖಾನೆಗಳು 3,500, ಕೇಂದ್ರ ಸರ್ಕಾರ 5500 ರೂ. ನಿಗದಿಪಡಿಸಬೇಕು ಎಂದರು. ಶಕ್ತಿ ವಿದ್ಯುತ್ ಬಿಲ್ ಉದ್ದೇಶದಿಂದ ಕೆ.ಜಿ.ಗೆ 27 ಇದ್ದು ಕ್ವಿಂಟಲ್‌ಗೆ 3,000 ರೂ. ಎಂದರು. 10ರಷ್ಟು ರಿಕವರಿ ಇದ್ದರೆ 3,500 ರೂ. ನೀಡಬೇಕು ಎನ್ನುವುದು ಒಂದು ವಾದ. ಅಹಿಂದ ಸಾಲದ ಜೊತೆಗೆ ರೈತರ ಸಂಕಷ್ಟ ಹೆಚ್ಚುತ್ತಿದೆ. ಆದ್ದರಿಂದ ಸರ್ಕಾರ ಶೀಘ್ರವಾಗಿ ಸೂಕ್ತ ನಿರ್ಧಾರ ಕೈಗೊಳ್ಳಬೇಕು ಎಂದು ರೈತ ಮುಖಂಡರು ಆಗ್ರಹಿಸಿದ್ದಾರೆ.
